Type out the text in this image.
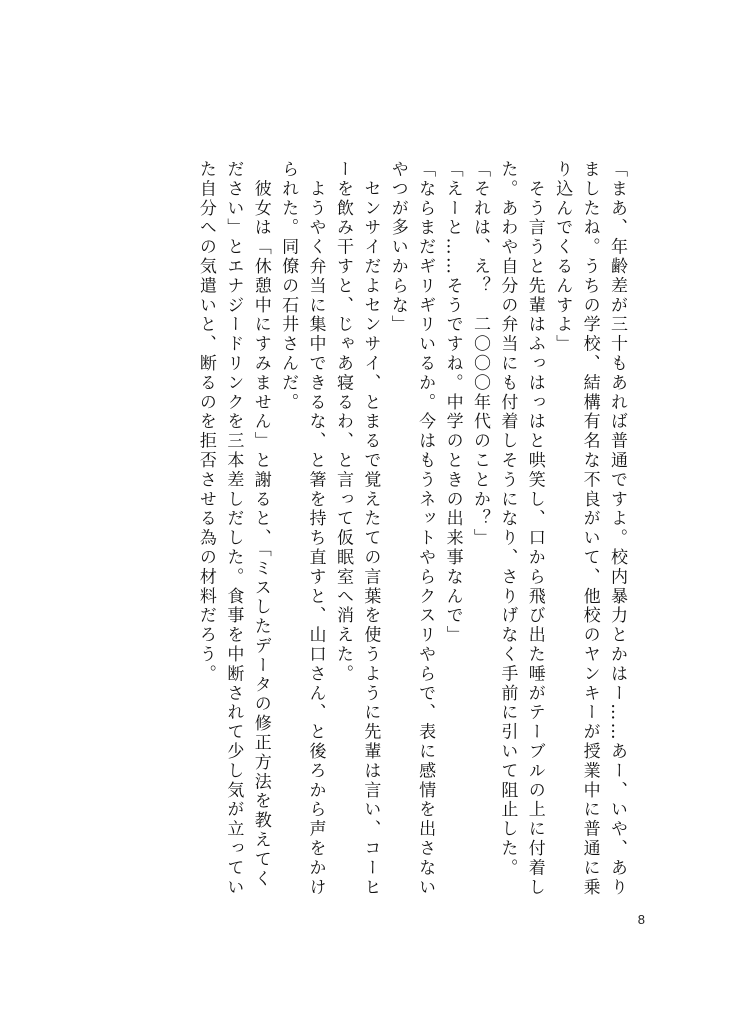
「まあ、年齢差が三十もあれば普通ですよ。校内暴力とかはー……あー、いや、ありましたね。うちの学校、結構有名な不良がいて、他校のヤンキーが授業中に普通に乗り込んでくるんすよ」

　そう言うと先輩はふっはっはと哄笑し、口から飛び出た唾がテーブルの上に付着した。あわや自分の弁当にも付着しそうになり、さりげなく手前に引いて阻止した。

「それは、え？　二〇〇〇年代のことか？」

「えーと……そうですね。中学のときの出来事なんで」

「ならまだギリギリいるか。今はもうネットやらクスリやらで、表に感情を出さないやつが多いからな」

　センサイだよセンサイ、とまるで覚えたての言葉を使うように先輩は言い、コーヒーを飲み干すと、じゃあ寝るわ、と言って仮眠室へ消えた。

　ようやく弁当に集中できるな、と箸を持ち直すと、山口さん、と後ろから声をかけられた。同僚の石井さんだ。

　彼女は「休憩中にすみません」と謝ると、「ミスしたデータの修正方法を教えてください」とエナジードリンクを三本差しだした。食事を中断されて少し気が立っていた自分への気遣いと、断るのを拒否させる為の材料だろう。

8
